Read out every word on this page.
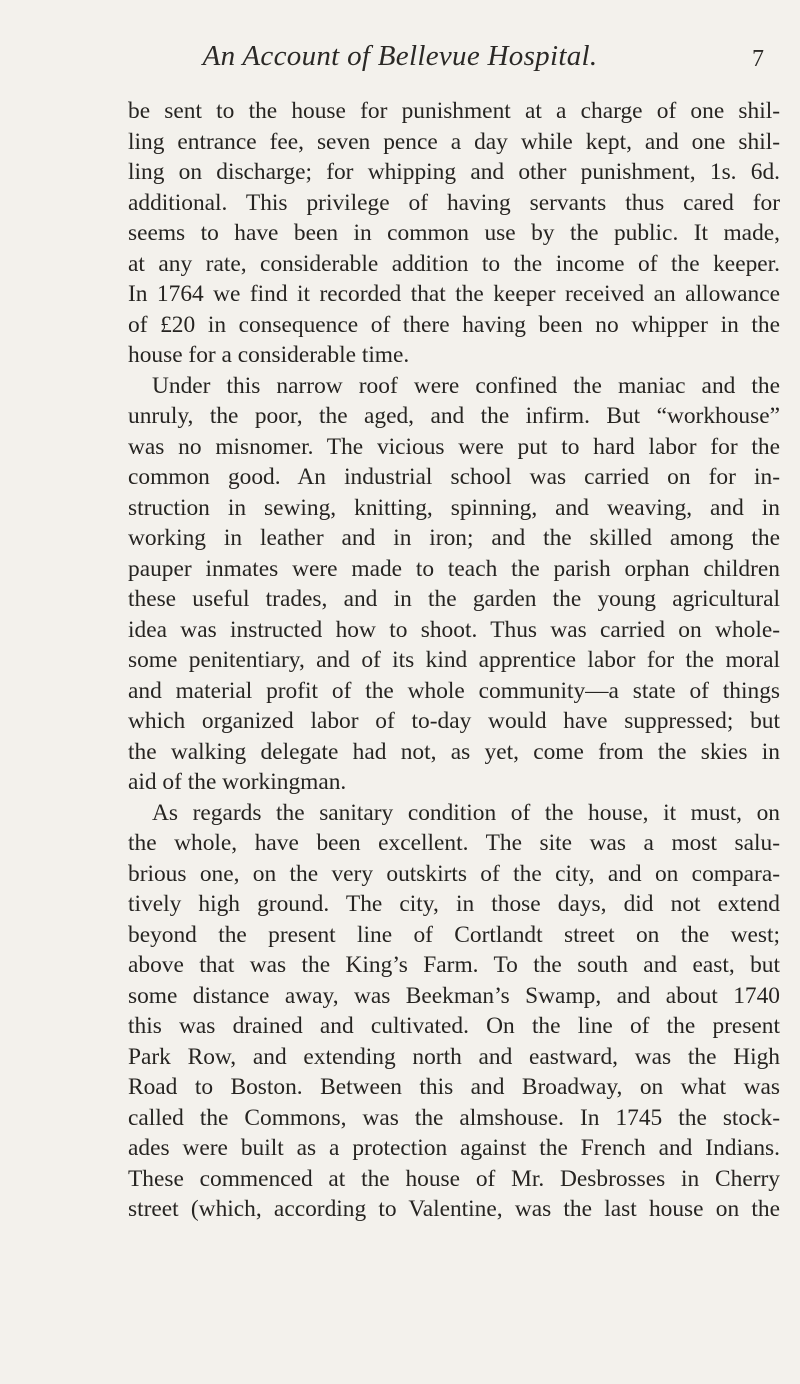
An Account of Bellevue Hospital.	7
be sent to the house for punishment at a charge of one shil-
ling entrance fee, seven pence a day while kept, and one shil-
ling on discharge; for whipping and other punishment, 1s. 6d.
additional. This privilege of having servants thus cared for
seems to have been in common use by the public. It made,
at any rate, considerable addition to the income of the keeper.
In 1764 we find it recorded that the keeper received an allowance
of £20 in consequence of there having been no whipper in the
house for a considerable time.
Under this narrow roof were confined the maniac and the
unruly, the poor, the aged, and the infirm. But “workhouse”
was no misnomer. The vicious were put to hard labor for the
common good. An industrial school was carried on for in-
struction in sewing, knitting, spinning, and weaving, and in
working in leather and in iron; and the skilled among the
pauper inmates were made to teach the parish orphan children
these useful trades, and in the garden the young agricultural
idea was instructed how to shoot. Thus was carried on whole-
some penitentiary, and of its kind apprentice labor for the moral
and material profit of the whole community—a state of things
which organized labor of to-day would have suppressed; but
the walking delegate had not, as yet, come from the skies in
aid of the workingman.
As regards the sanitary condition of the house, it must, on
the whole, have been excellent. The site was a most salu-
brious one, on the very outskirts of the city, and on compara-
tively high ground. The city, in those days, did not extend
beyond the present line of Cortlandt street on the west;
above that was the King’s Farm. To the south and east, but
some distance away, was Beekman’s Swamp, and about 1740
this was drained and cultivated. On the line of the present
Park Row, and extending north and eastward, was the High
Road to Boston. Between this and Broadway, on what was
called the Commons, was the almshouse. In 1745 the stock-
ades were built as a protection against the French and Indians.
These commenced at the house of Mr. Desbrosses in Cherry
street (which, according to Valentine, was the last house on the
